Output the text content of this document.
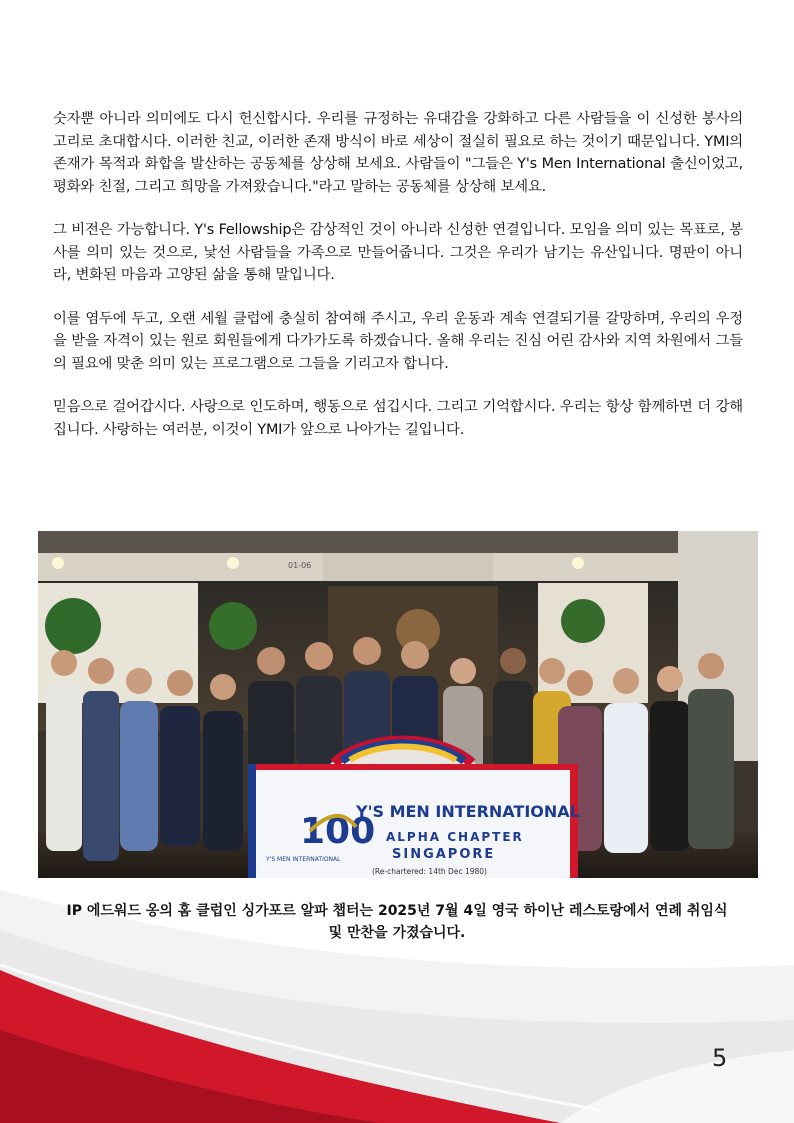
숫자뿐 아니라 의미에도 다시 헌신합시다. 우리를 규정하는 유대감을 강화하고 다른 사람들을 이 신성한 봉사의 고리로 초대합시다. 이러한 친교, 이러한 존재 방식이 바로 세상이 절실히 필요로 하는 것이기 때문입니다. YMI의 존재가 목적과 화합을 발산하는 공동체를 상상해 보세요. 사람들이 "그들은 Y's Men International 출신이었고, 평화와 친절, 그리고 희망을 가져왔습니다."라고 말하는 공동체를 상상해 보세요.

그 비전은 가능합니다. Y's Fellowship은 감상적인 것이 아니라 신성한 연결입니다. 모임을 의미 있는 목표로, 봉사를 의미 있는 것으로, 낯선 사람들을 가족으로 만들어줍니다. 그것은 우리가 남기는 유산입니다. 명판이 아니라, 변화된 마음과 고양된 삶을 통해 말입니다.

이를 염두에 두고, 오랜 세월 클럽에 충실히 참여해 주시고, 우리 운동과 계속 연결되기를 갈망하며, 우리의 우정을 받을 자격이 있는 원로 회원들에게 다가가도록 하겠습니다. 올해 우리는 진심 어린 감사와 지역 차원에서 그들의 필요에 맞춘 의미 있는 프로그램으로 그들을 기리고자 합니다.

믿음으로 걸어갑시다. 사랑으로 인도하며, 행동으로 섬깁시다. 그리고 기억합시다. 우리는 항상 함께하면 더 강해집니다. 사랑하는 여러분, 이것이 YMI가 앞으로 나아가는 길입니다.

01-06
100
Y'S MEN INTERNATIONAL
Y'S MEN INTERNATIONAL
ALPHA CHAPTER
SINGAPORE
(Re-chartered: 14th Dec 1980)
IP 에드워드 옹의 홈 클럽인 싱가포르 알파 챕터는 2025년 7월 4일 영국 하이난 레스토랑에서 연례 취임식
및 만찬을 가졌습니다.
5
